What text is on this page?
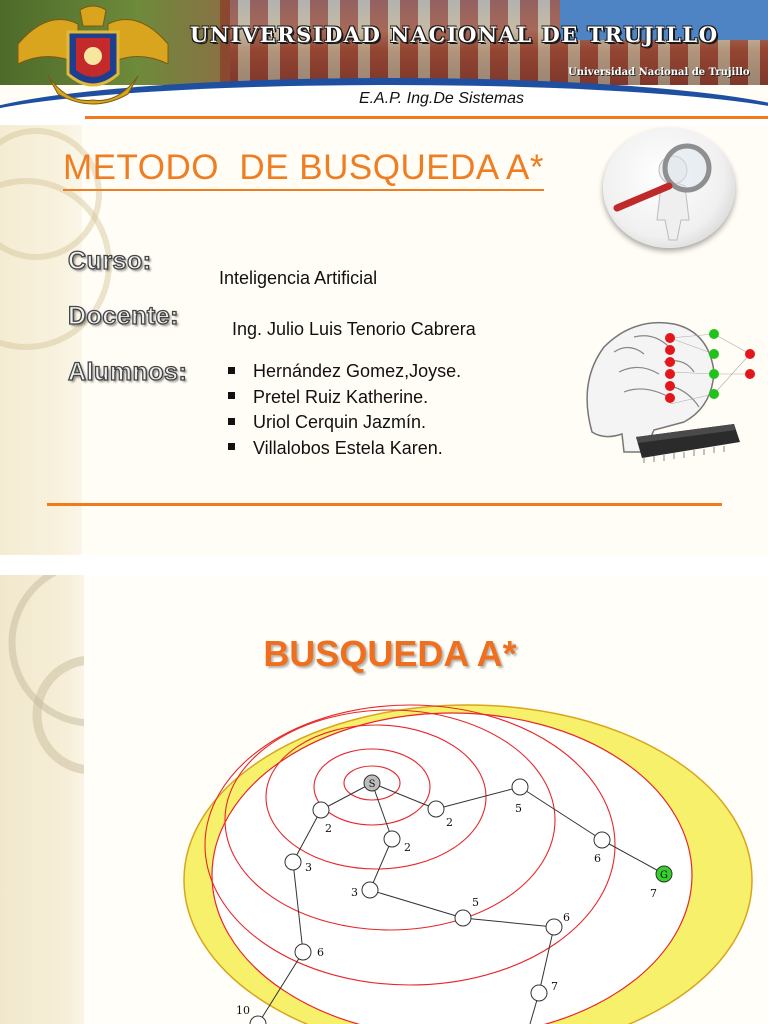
UNIVERSIDAD NACIONAL DE TRUJILLO
Universidad Nacional de Trujillo
E.A.P. Ing.De Sistemas
METODO  DE BUSQUEDA A*
Curso:
Inteligencia Artificial
Docente:	Ing. Julio Luis Tenorio Cabrera
Alumnos:	Hernández Gomez,Joyse.
Pretel Ruiz Katherine.
Uriol Cerquin Jazmín.
Villalobos Estela Karen.
BUSQUEDA A*
S
G
2	2
5
2
6
3
3
5
6
7
6
7
10
